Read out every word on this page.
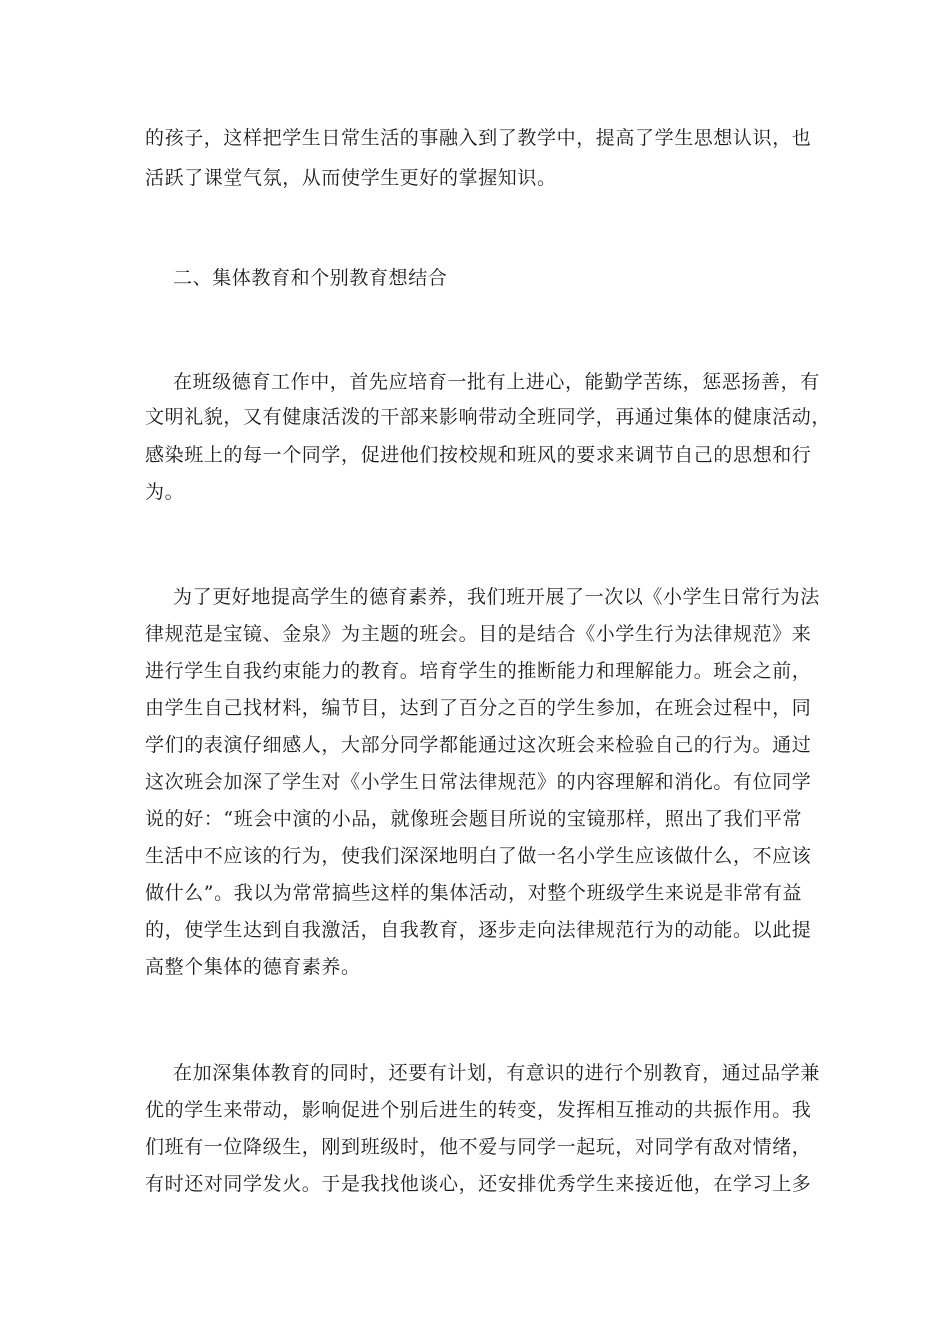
的孩子，这样把学生日常生活的事融入到了教学中，提高了学生思想认识，也
活跃了课堂气氛，从而使学生更好的掌握知识。
二、集体教育和个别教育想结合
在班级德育工作中，首先应培育一批有上进心，能勤学苦练，惩恶扬善，有
文明礼貌，又有健康活泼的干部来影响带动全班同学，再通过集体的健康活动，
感染班上的每一个同学，促进他们按校规和班风的要求来调节自己的思想和行
为。
为了更好地提高学生的德育素养，我们班开展了一次以《小学生日常行为法
律规范是宝镜、金泉》为主题的班会。目的是结合《小学生行为法律规范》来
进行学生自我约束能力的教育。培育学生的推断能力和理解能力。班会之前，
由学生自己找材料，编节目，达到了百分之百的学生参加，在班会过程中，同
学们的表演仔细感人，大部分同学都能通过这次班会来检验自己的行为。通过
这次班会加深了学生对《小学生日常法律规范》的内容理解和消化。有位同学
说的好：“班会中演的小品，就像班会题目所说的宝镜那样，照出了我们平常
生活中不应该的行为，使我们深深地明白了做一名小学生应该做什么，不应该
做什么”。我以为常常搞些这样的集体活动，对整个班级学生来说是非常有益
的，使学生达到自我激活，自我教育，逐步走向法律规范行为的动能。以此提
高整个集体的德育素养。
在加深集体教育的同时，还要有计划，有意识的进行个别教育，通过品学兼
优的学生来带动，影响促进个别后进生的转变，发挥相互推动的共振作用。我
们班有一位降级生，刚到班级时，他不爱与同学一起玩，对同学有敌对情绪，
有时还对同学发火。于是我找他谈心，还安排优秀学生来接近他，在学习上多
